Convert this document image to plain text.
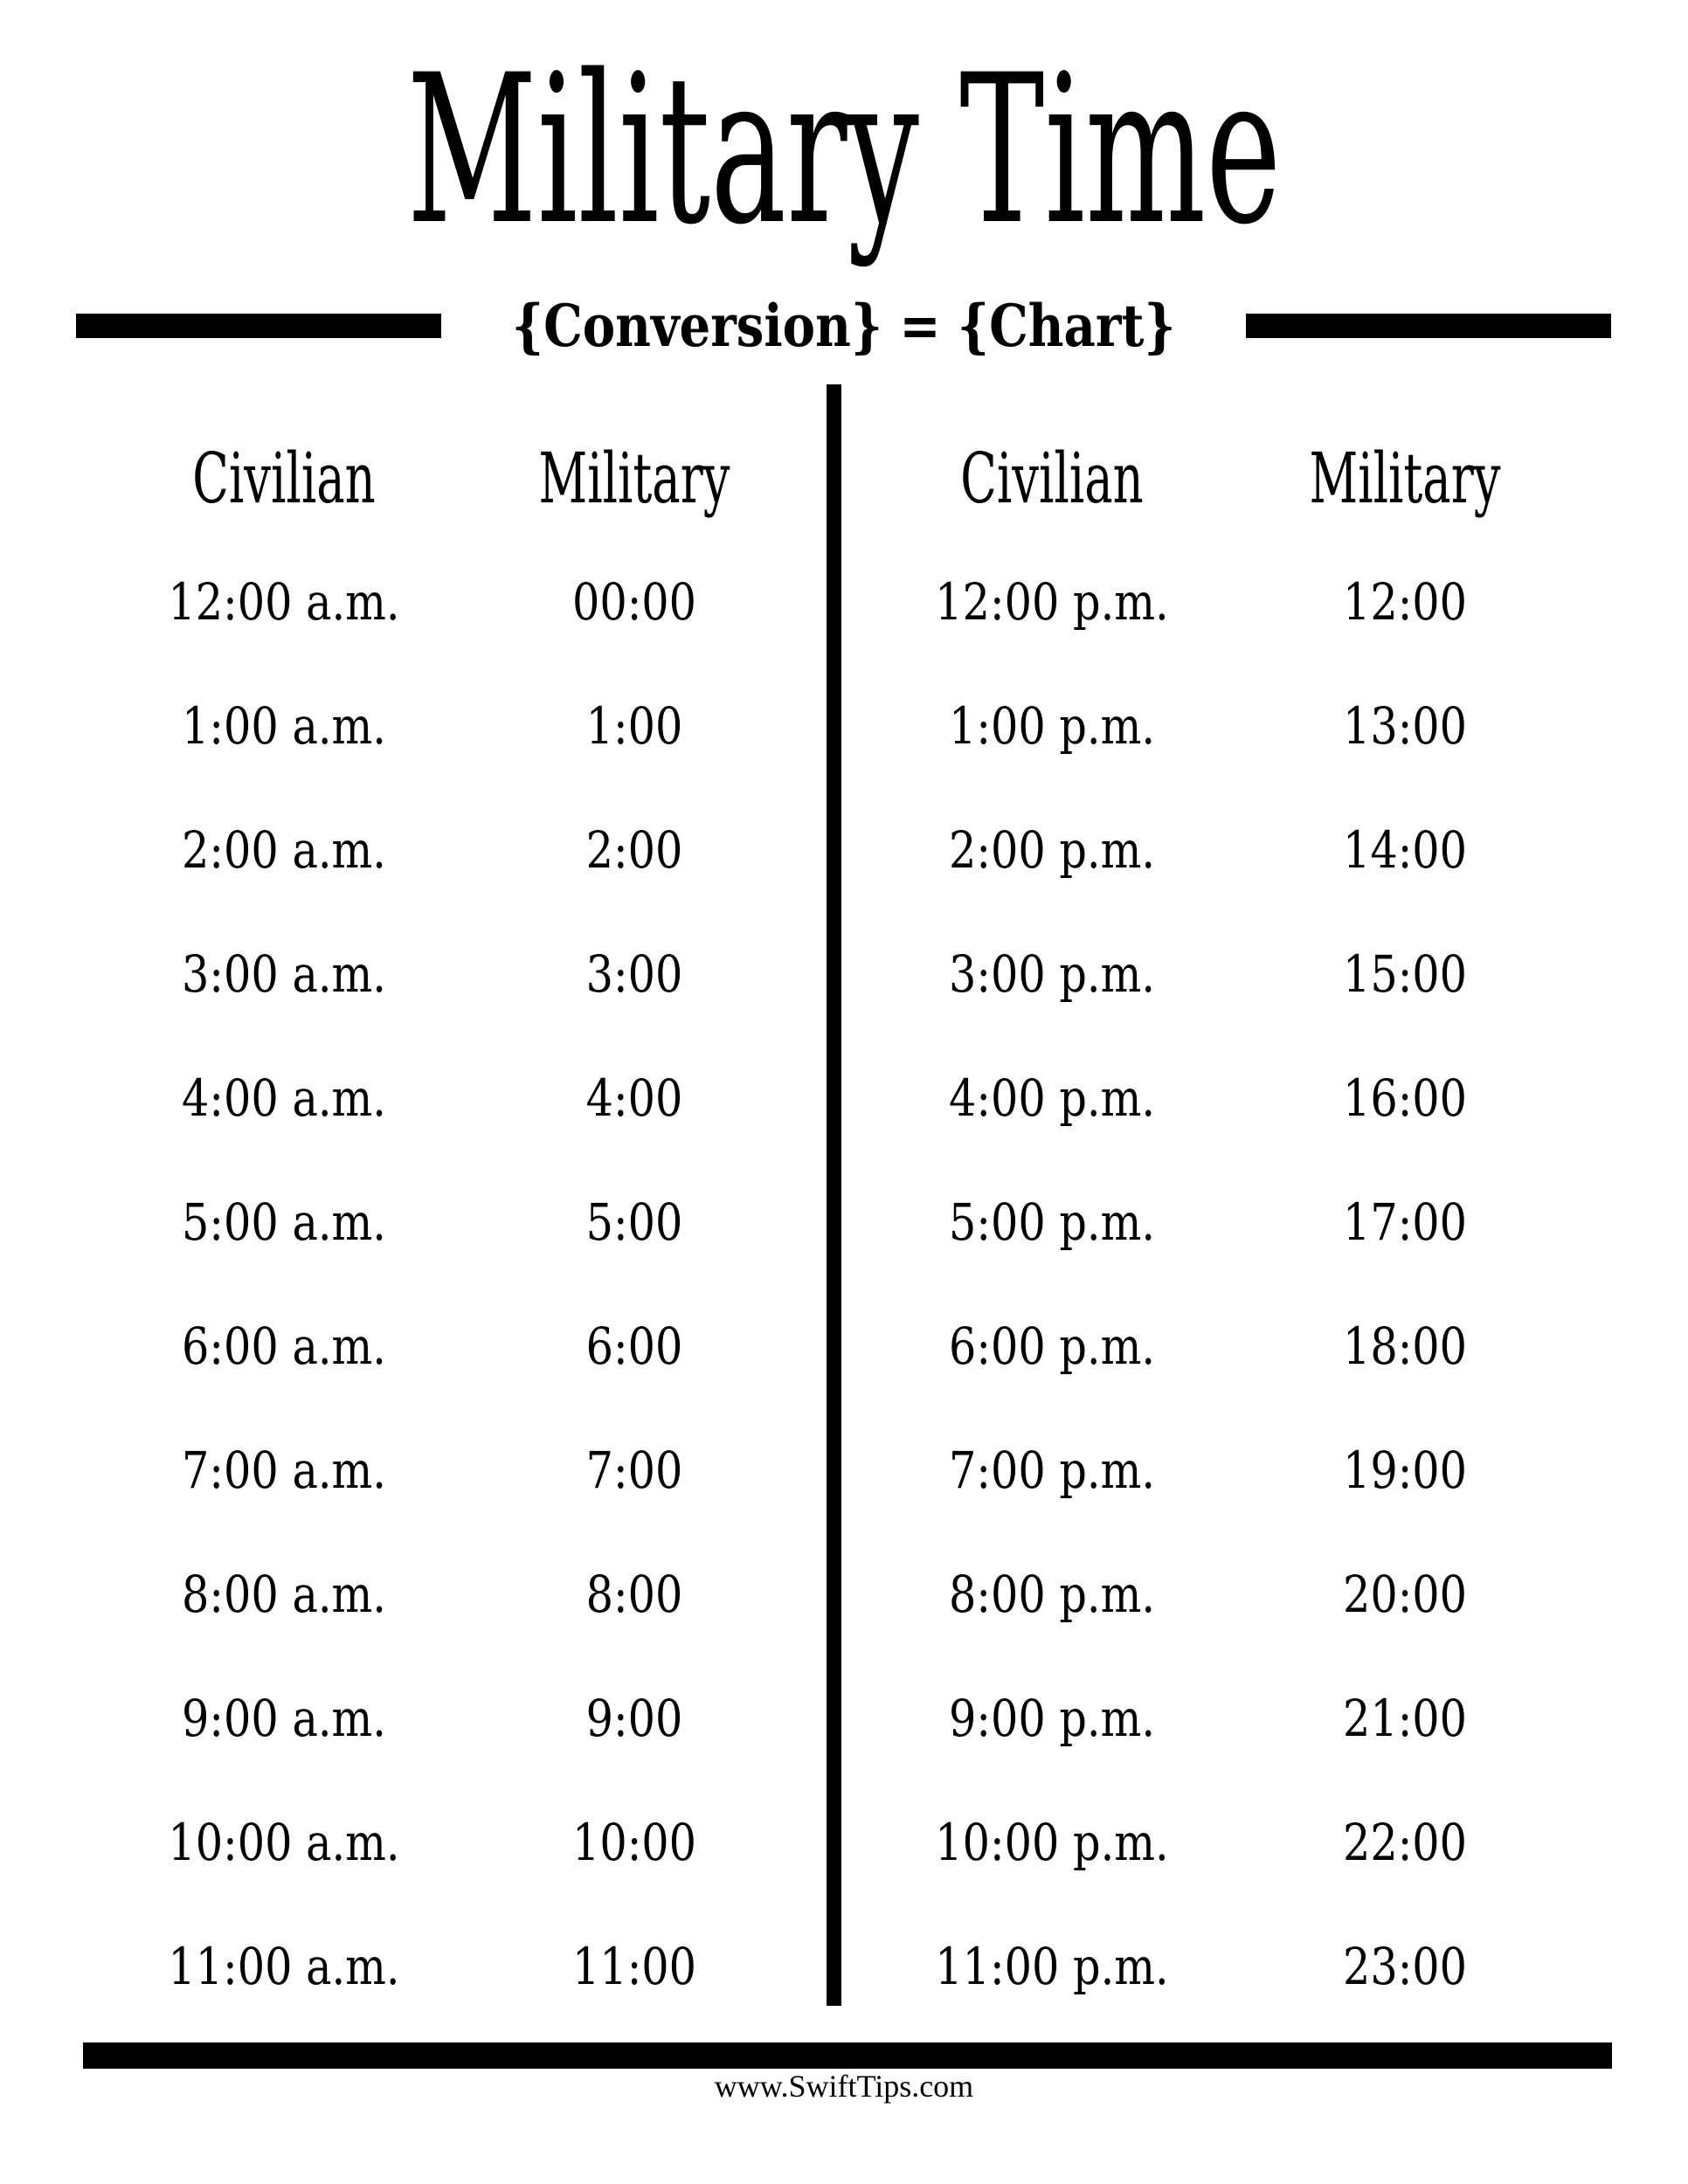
Military Time
{Conversion} = {Chart}
Civilian
12:00 a.m.
1:00 a.m.
2:00 a.m.
3:00 a.m.
4:00 a.m.
5:00 a.m.
6:00 a.m.
7:00 a.m.
8:00 a.m.
9:00 a.m.
10:00 a.m.
11:00 a.m.
Military
00:00
1:00
2:00
3:00
4:00
5:00
6:00
7:00
8:00
9:00
10:00
11:00
Civilian
12:00 p.m.
1:00 p.m.
2:00 p.m.
3:00 p.m.
4:00 p.m.
5:00 p.m.
6:00 p.m.
7:00 p.m.
8:00 p.m.
9:00 p.m.
10:00 p.m.
11:00 p.m.
Military
12:00
13:00
14:00
15:00
16:00
17:00
18:00
19:00
20:00
21:00
22:00
23:00
www.SwiftTips.com
